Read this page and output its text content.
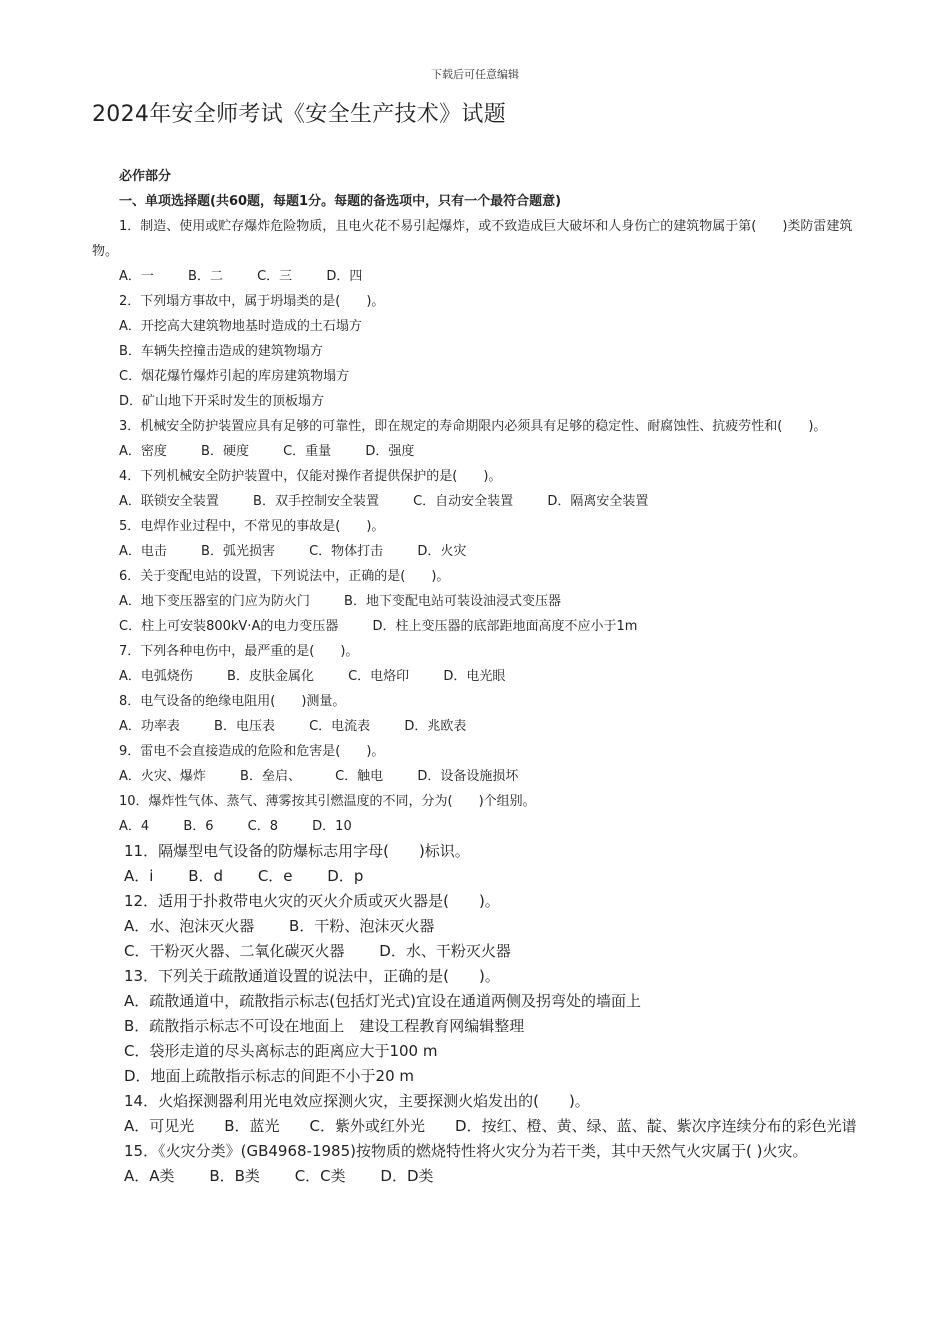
下载后可任意编辑
2024年安全师考试《安全生产技术》试题

必作部分

一、单项选择题(共60题，每题1分。每题的备选项中，只有一个最符合题意)

1．制造、使用或贮存爆炸危险物质，且电火花不易引起爆炸，或不致造成巨大破坏和人身伤亡的建筑物属于第(　　)类防雷建筑物。

A．一	B．二	C．三	D．四

2．下列塌方事故中，属于坍塌类的是(　　)。

A．开挖高大建筑物地基时造成的土石塌方

B．车辆失控撞击造成的建筑物塌方

C．烟花爆竹爆炸引起的库房建筑物塌方

D．矿山地下开采时发生的顶板塌方

3．机械安全防护装置应具有足够的可靠性，即在规定的寿命期限内必须具有足够的稳定性、耐腐蚀性、抗疲劳性和(　　)。

A．密度	B．硬度	C．重量	D．强度

4．下列机械安全防护装置中，仅能对操作者提供保护的是(　　)。

A．联锁安全装置	B．双手控制安全装置	C．自动安全装置	D．隔离安全装置

5．电焊作业过程中，不常见的事故是(　　)。

A．电击	B．弧光损害	C．物体打击	D．火灾

6．关于变配电站的设置，下列说法中，正确的是(　　)。

A．地下变压器室的门应为防火门	B．地下变配电站可装设油浸式变压器

C．柱上可安装800kV·A的电力变压器	D．柱上变压器的底部距地面高度不应小于1m

7．下列各种电伤中，最严重的是(　　)。

A．电弧烧伤	B．皮肤金属化	C．电烙印	D．电光眼

8．电气设备的绝缘电阻用(　　)测量。

A．功率表	B．电压表	C．电流表	D．兆欧表

9．雷电不会直接造成的危险和危害是(　　)。

A．火灾、爆炸	B．垒启、	C．触电	D．设备设施损坏

10．爆炸性气体、蒸气、薄雾按其引燃温度的不同，分为(　　)个组别。

A．4	B．6	C．8	D．10

11．隔爆型电气设备的防爆标志用字母(　　)标识。

A．i B．d C．e D．p

12．适用于扑救带电火灾的灭火介质或灭火器是(　　)。

A．水、泡沫灭火器 B．干粉、泡沫灭火器

C．干粉灭火器、二氧化碳灭火器 D．水、干粉灭火器

13．下列关于疏散通道设置的说法中，正确的是(　　)。

A．疏散通道中，疏散指示标志(包括灯光式)宜设在通道两侧及拐弯处的墙面上

B．疏散指示标志不可设在地面上　建设工程教育网编辑整理

C．袋形走道的尽头离标志的距离应大于100 m

D．地面上疏散指示标志的间距不小于20 m

14．火焰探测器利用光电效应探测火灾，主要探测火焰发出的(　　)。

A．可见光　　B．蓝光　　C．紫外或红外光　　D．按红、橙、黄、绿、蓝、靛、紫次序连续分布的彩色光谱

15．《火灾分类》(GB4968-1985)按物质的燃烧特性将火灾分为若干类，其中天然气火灾属于( )火灾。

A．A类 B．B类 C．C类 D．D类
